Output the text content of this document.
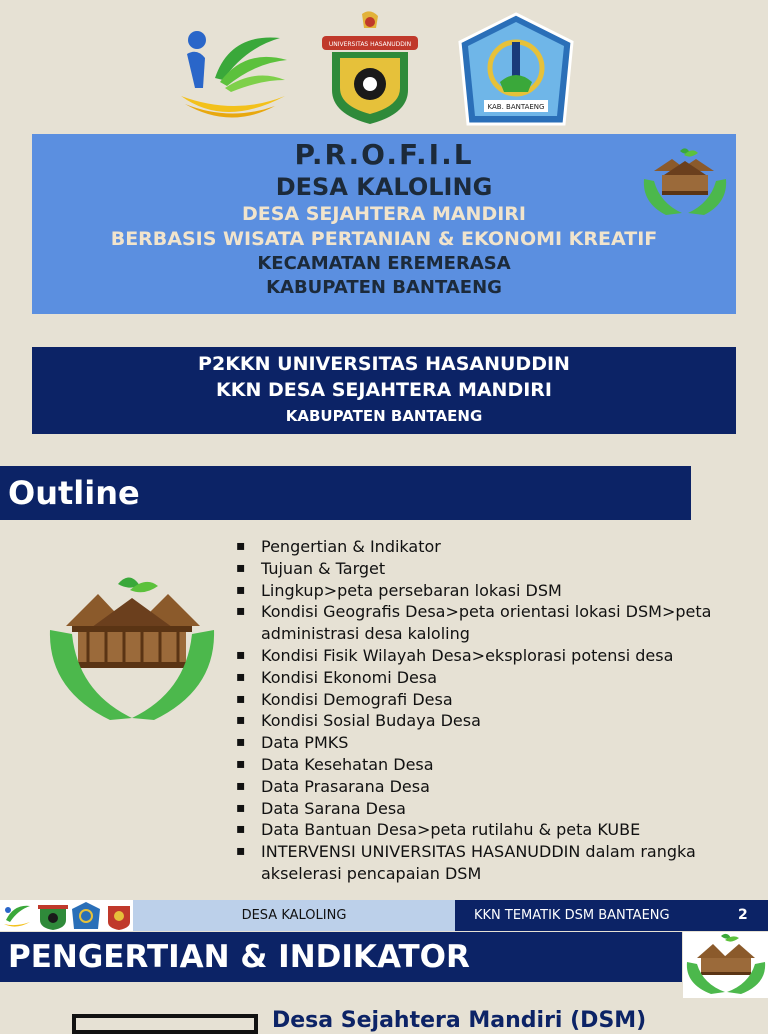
UNIVERSITAS HASANUDDIN
KAB. BANTAENG
P.R.O.F.I.L
DESA KALOLING
DESA SEJAHTERA MANDIRI
BERBASIS WISATA PERTANIAN & EKONOMI KREATIF
KECAMATAN EREMERASA
KABUPATEN BANTAENG
P2KKN UNIVERSITAS HASANUDDIN
KKN DESA SEJAHTERA MANDIRI
KABUPATEN BANTAENG
Outline
▪ Pengertian & Indikator
▪ Tujuan & Target
▪ Lingkup>peta persebaran lokasi DSM
▪ Kondisi Geografis Desa>peta orientasi lokasi DSM>peta administrasi desa kaloling
▪ Kondisi Fisik Wilayah Desa>eksplorasi potensi desa
▪ Kondisi Ekonomi Desa
▪ Kondisi Demografi Desa
▪ Kondisi Sosial Budaya Desa
▪ Data PMKS
▪ Data Kesehatan Desa
▪ Data Prasarana Desa
▪ Data Sarana Desa
▪ Data Bantuan Desa>peta rutilahu & peta KUBE
▪ INTERVENSI UNIVERSITAS HASANUDDIN dalam rangka akselerasi pencapaian DSM
DESA KALOLING	KKN TEMATIK DSM BANTAENG	2
PENGERTIAN & INDIKATOR
Desa Sejahtera Mandiri (DSM)
